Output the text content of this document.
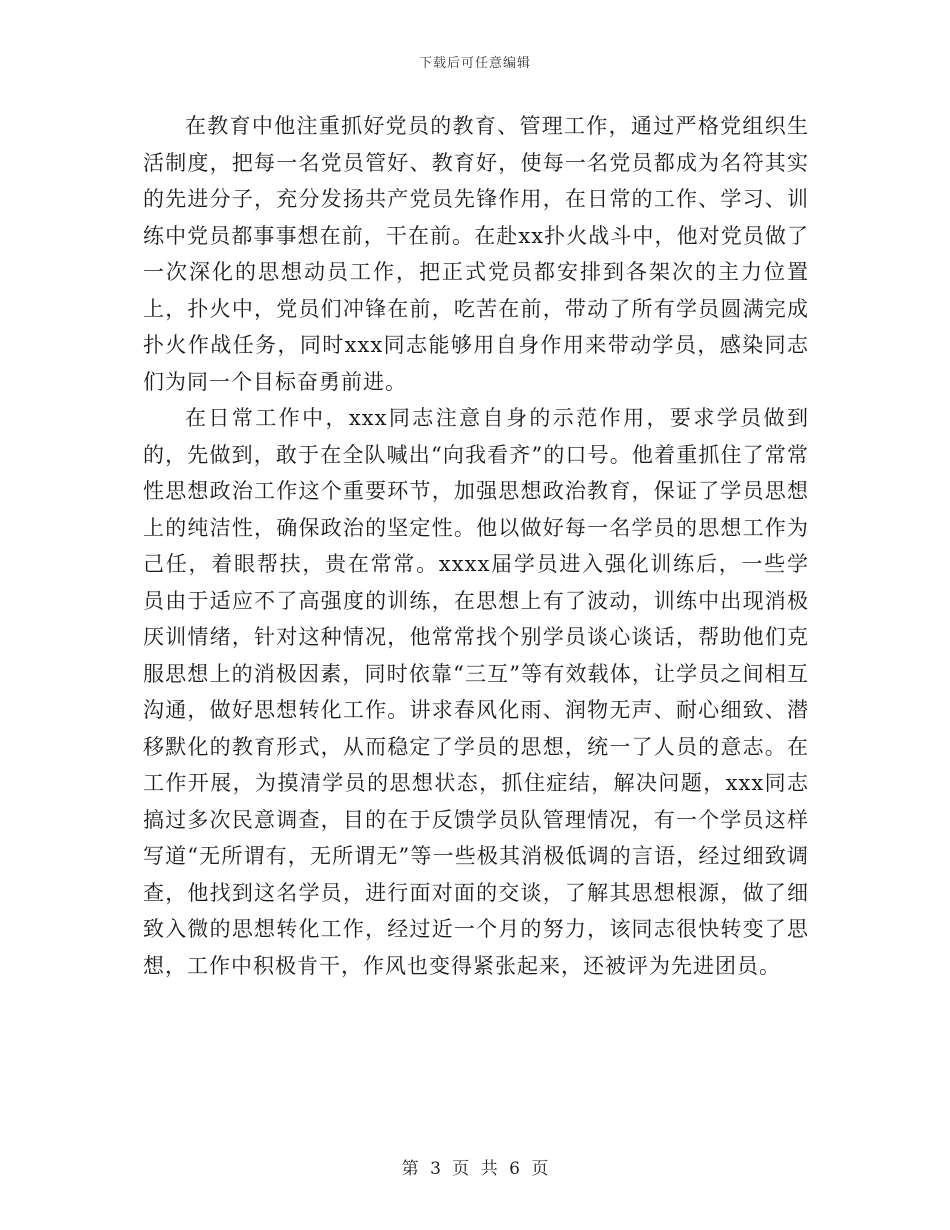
下载后可任意编辑

在教育中他注重抓好党员的教育、管理工作，通过严格党组织生活制度，把每一名党员管好、教育好，使每一名党员都成为名符其实的先进分子，充分发扬共产党员先锋作用，在日常的工作、学习、训练中党员都事事想在前，干在前。在赴xx扑火战斗中，他对党员做了一次深化的思想动员工作，把正式党员都安排到各架次的主力位置上，扑火中，党员们冲锋在前，吃苦在前，带动了所有学员圆满完成扑火作战任务，同时xxx同志能够用自身作用来带动学员，感染同志们为同一个目标奋勇前进。

在日常工作中，xxx同志注意自身的示范作用，要求学员做到的，先做到，敢于在全队喊出“向我看齐”的口号。他着重抓住了常常性思想政治工作这个重要环节，加强思想政治教育，保证了学员思想上的纯洁性，确保政治的坚定性。他以做好每一名学员的思想工作为己任，着眼帮扶，贵在常常。xxxx届学员进入强化训练后，一些学员由于适应不了高强度的训练，在思想上有了波动，训练中出现消极厌训情绪，针对这种情况，他常常找个别学员谈心谈话，帮助他们克服思想上的消极因素，同时依靠“三互”等有效载体，让学员之间相互沟通，做好思想转化工作。讲求春风化雨、润物无声、耐心细致、潜移默化的教育形式，从而稳定了学员的思想，统一了人员的意志。在工作开展，为摸清学员的思想状态，抓住症结，解决问题，xxx同志搞过多次民意调查，目的在于反馈学员队管理情况，有一个学员这样写道“无所谓有，无所谓无”等一些极其消极低调的言语，经过细致调查，他找到这名学员，进行面对面的交谈，了解其思想根源，做了细致入微的思想转化工作，经过近一个月的努力，该同志很快转变了思想，工作中积极肯干，作风也变得紧张起来，还被评为先进团员。

第 3 页 共 6 页
